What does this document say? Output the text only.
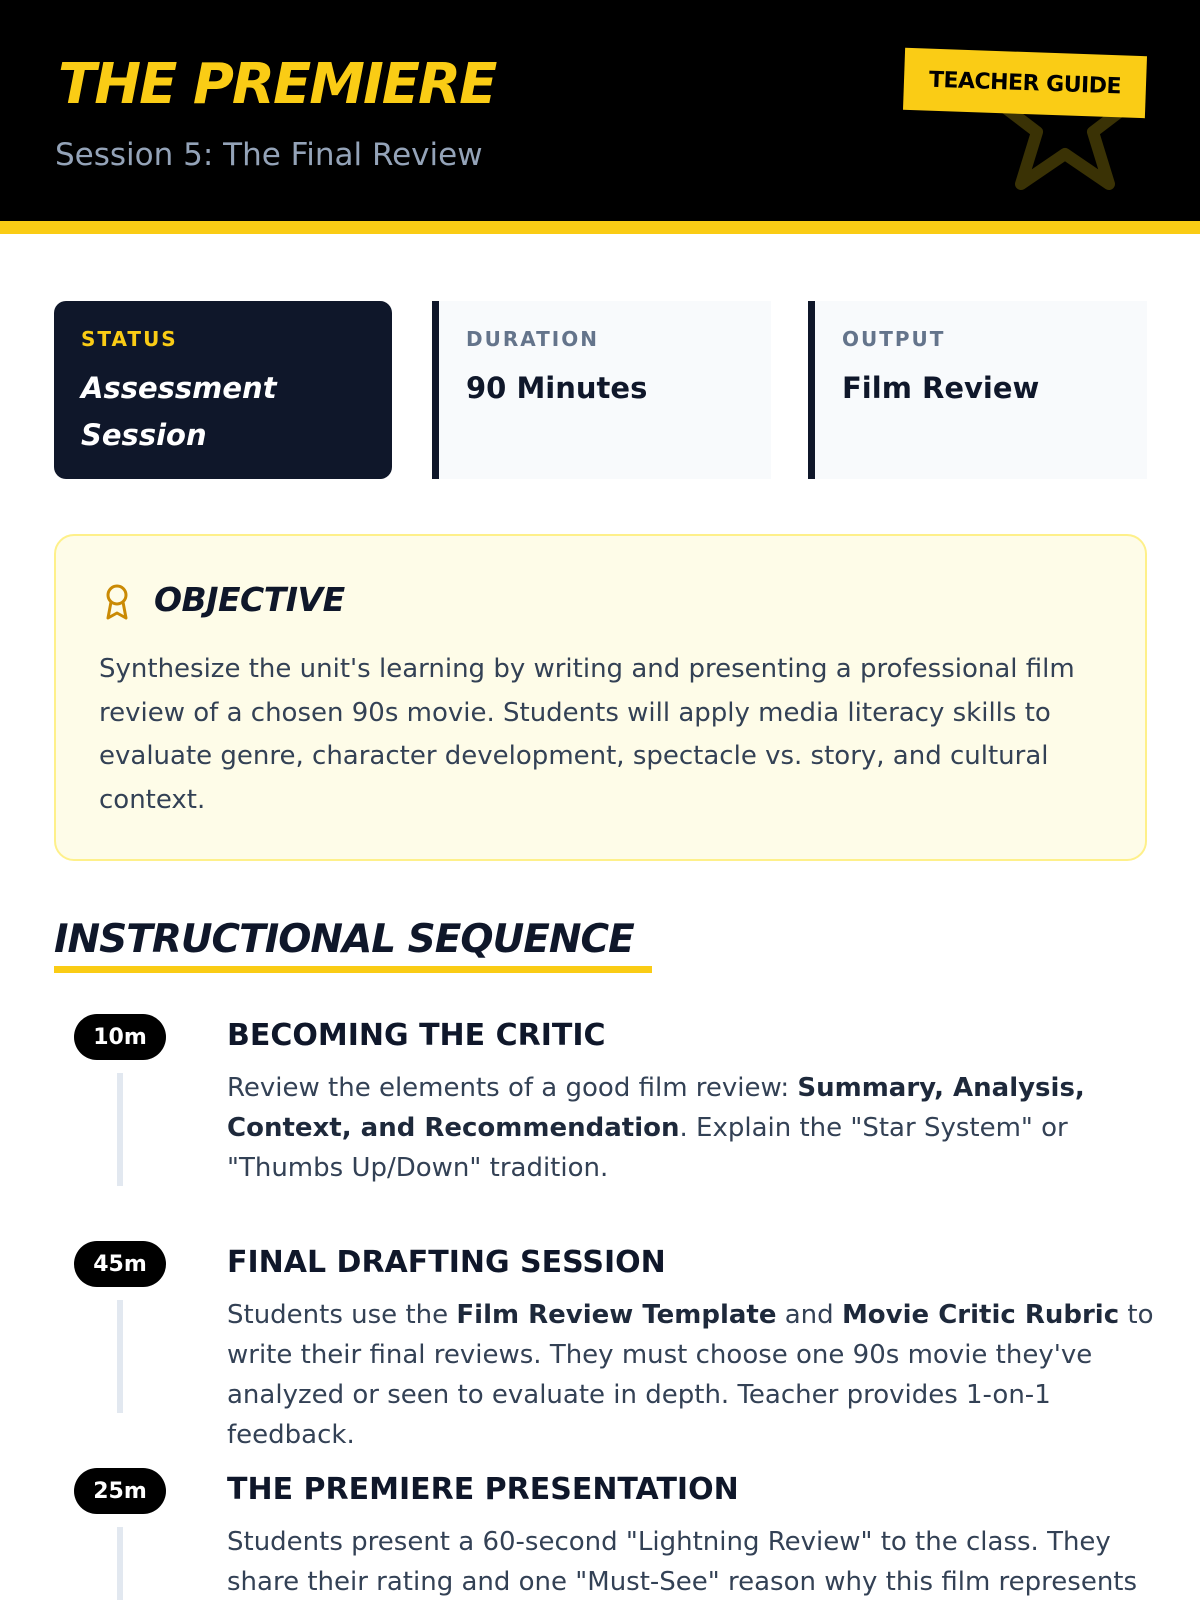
THE PREMIERE
Session 5: The Final Review
TEACHER GUIDE
STATUS
Assessment Session
DURATION
90 Minutes
OUTPUT
Film Review
OBJECTIVE
Synthesize the unit's learning by writing and presenting a professional film review of a chosen 90s movie. Students will apply media literacy skills to evaluate genre, character development, spectacle vs. story, and cultural context.
INSTRUCTIONAL SEQUENCE
10m	BECOMING THE CRITIC
Review the elements of a good film review: Summary, Analysis, Context, and Recommendation. Explain the "Star System" or "Thumbs Up/Down" tradition.
45m	FINAL DRAFTING SESSION
Students use the Film Review Template and Movie Critic Rubric to write their final reviews. They must choose one 90s movie they've analyzed or seen to evaluate in depth. Teacher provides 1-on-1 feedback.
25m	THE PREMIERE PRESENTATION
Students present a 60-second "Lightning Review" to the class. They share their rating and one "Must-See" reason why this film represents
